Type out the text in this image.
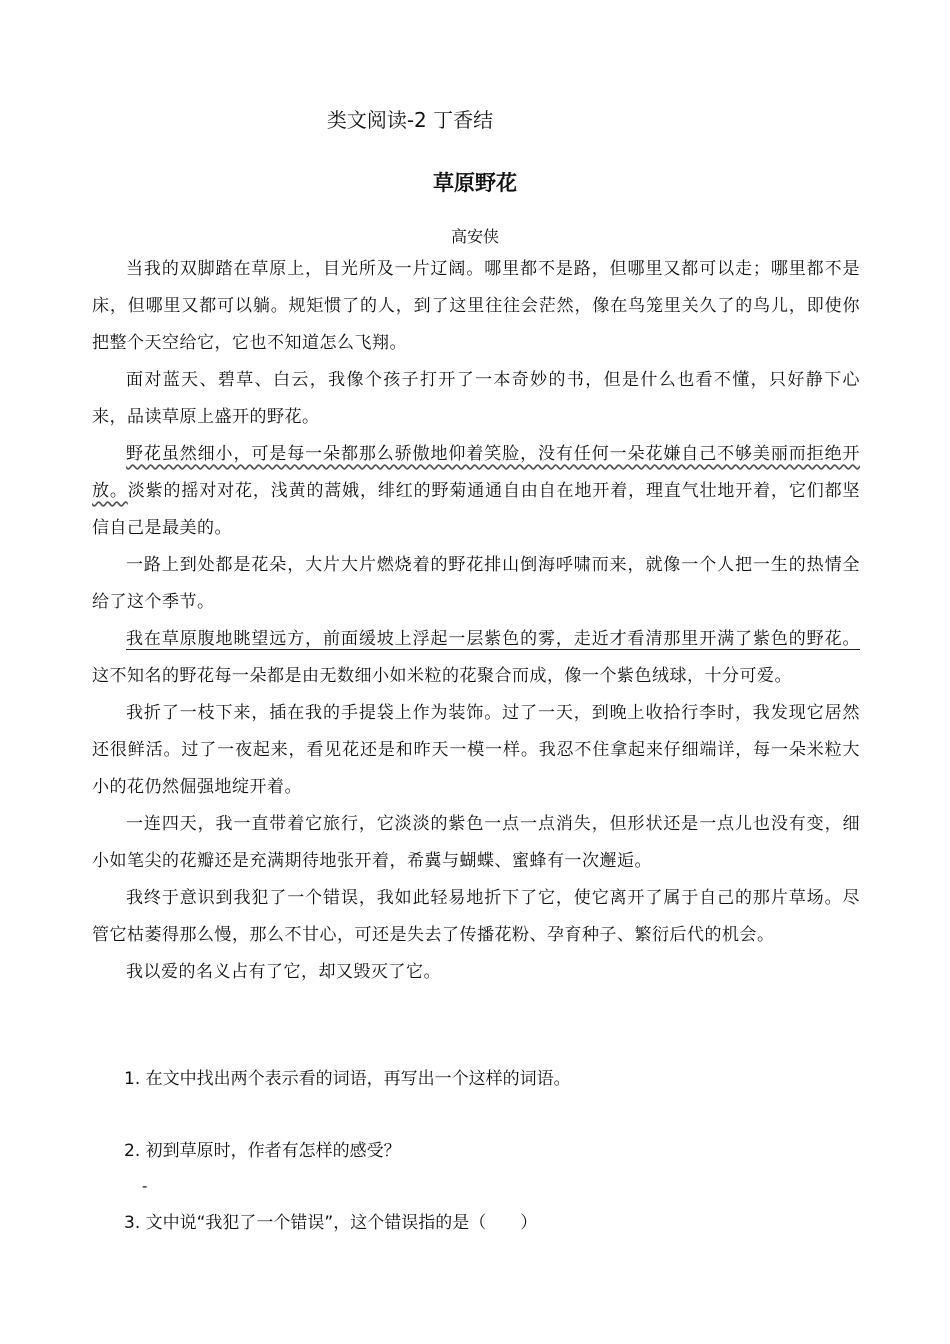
类文阅读-2 丁香结
草原野花
高安侠

当我的双脚踏在草原上，目光所及一片辽阔。哪里都不是路，但哪里又都可以走；哪里都不是床，但哪里又都可以躺。规矩惯了的人，到了这里往往会茫然，像在鸟笼里关久了的鸟儿，即使你把整个天空给它，它也不知道怎么飞翔。

面对蓝天、碧草、白云，我像个孩子打开了一本奇妙的书，但是什么也看不懂，只好静下心来，品读草原上盛开的野花。

野花虽然细小，可是每一朵都那么骄傲地仰着笑脸，没有任何一朵花嫌自己不够美丽而拒绝开放。淡紫的摇对对花，浅黄的蒿娥，绯红的野菊通通自由自在地开着，理直气壮地开着，它们都坚信自己是最美的。

一路上到处都是花朵，大片大片燃烧着的野花排山倒海呼啸而来，就像一个人把一生的热情全给了这个季节。

我在草原腹地眺望远方，前面缓坡上浮起一层紫色的雾，走近才看清那里开满了紫色的野花。这不知名的野花每一朵都是由无数细小如米粒的花聚合而成，像一个紫色绒球，十分可爱。

我折了一枝下来，插在我的手提袋上作为装饰。过了一天，到晚上收拾行李时，我发现它居然还很鲜活。过了一夜起来，看见花还是和昨天一模一样。我忍不住拿起来仔细端详，每一朵米粒大小的花仍然倔强地绽开着。

一连四天，我一直带着它旅行，它淡淡的紫色一点一点消失，但形状还是一点儿也没有变，细小如笔尖的花瓣还是充满期待地张开着，希冀与蝴蝶、蜜蜂有一次邂逅。

我终于意识到我犯了一个错误，我如此轻易地折下了它，使它离开了属于自己的那片草场。尽管它枯萎得那么慢，那么不甘心，可还是失去了传播花粉、孕育种子、繁衍后代的机会。

我以爱的名义占有了它，却又毁灭了它。

1. 在文中找出两个表示看的词语，再写出一个这样的词语。
2. 初到草原时，作者有怎样的感受？
-
3. 文中说“我犯了一个错误”，这个错误指的是（　　）
